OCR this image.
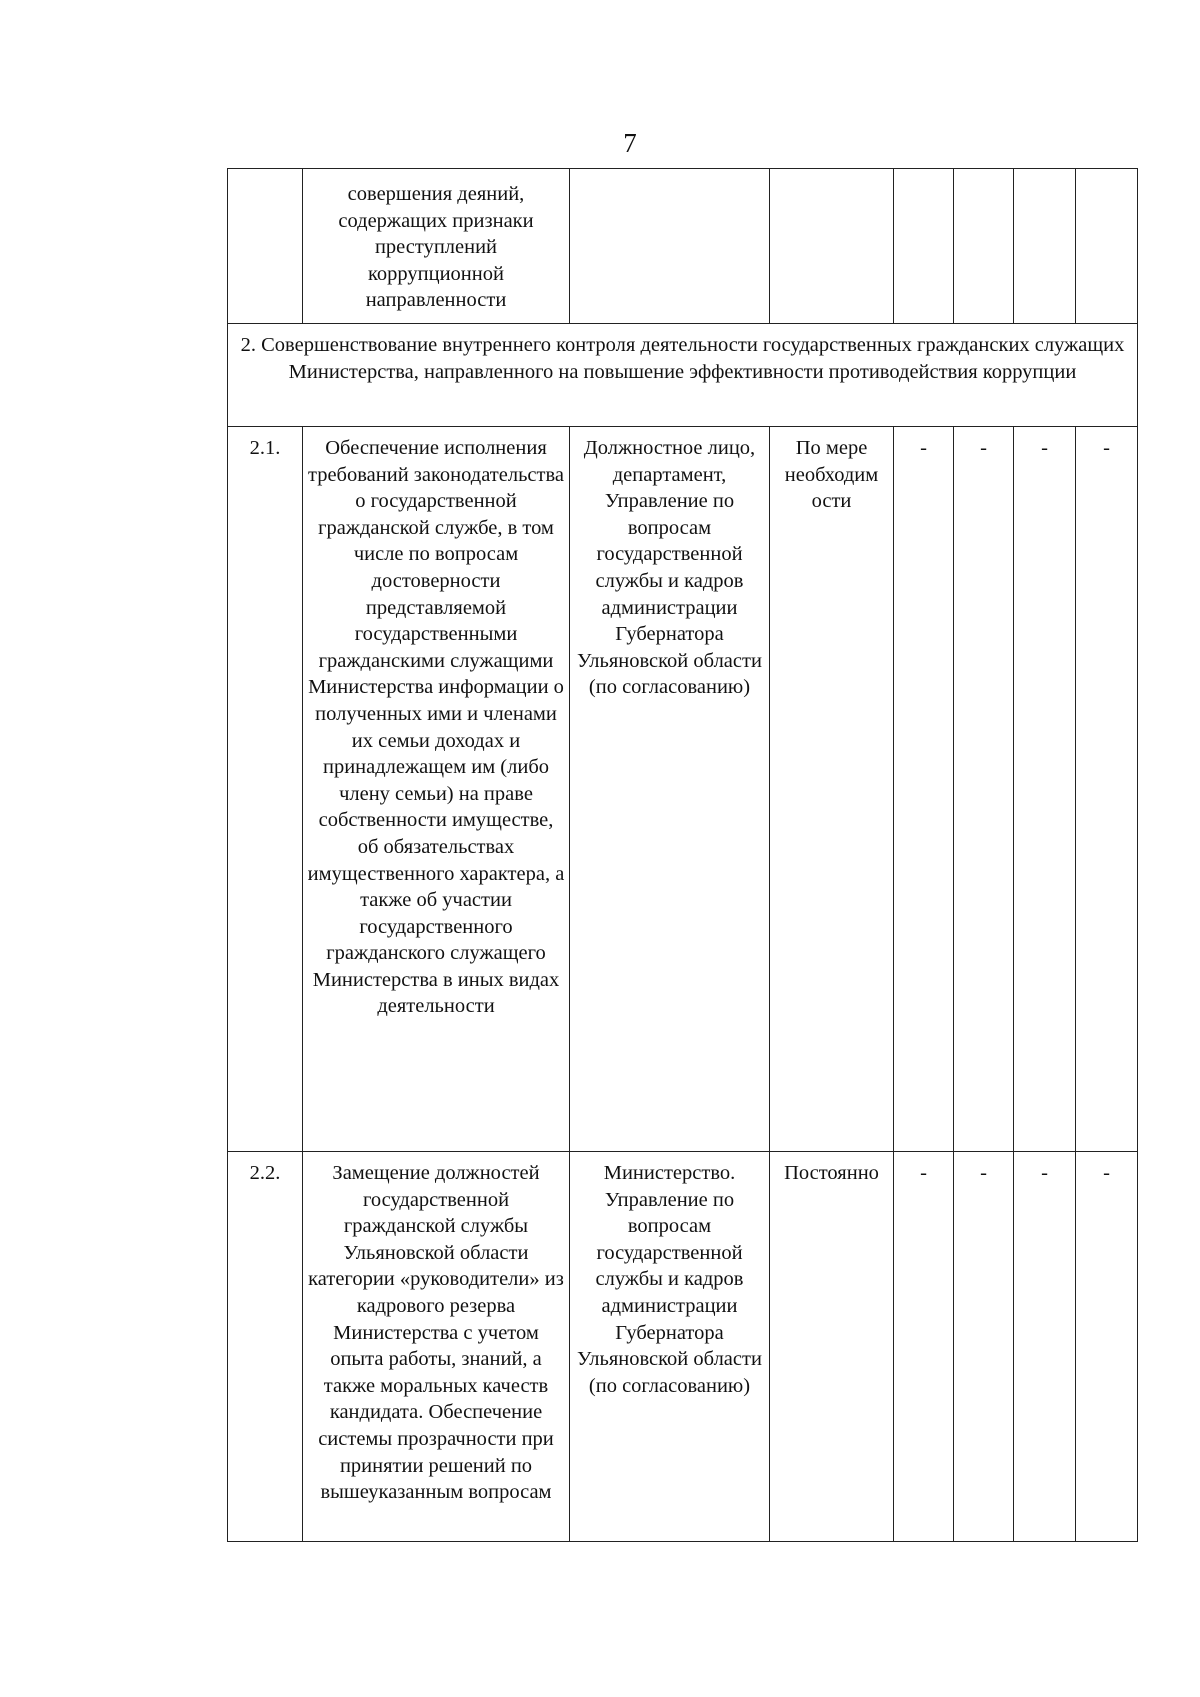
7
	совершения деяний, содержащих признаки преступлений коррупционной направленности						
2. Совершенствование внутреннего контроля деятельности государственных гражданских служащих Министерства, направленного на повышение эффективности противодействия коррупции							
2.1.	Обеспечение исполнения требований законодательства о государственной гражданской службе, в том числе по вопросам достоверности представляемой государственными гражданскими служащими Министерства информации о полученных ими и членами их семьи доходах и принадлежащем им (либо члену семьи) на праве собственности имуществе, об обязательствах имущественного характера, а также об участии государственного гражданского служащего Министерства в иных видах деятельности	Должностное лицо, департамент, Управление по вопросам государственной службы и кадров администрации Губернатора Ульяновской области (по согласованию)	По мере необходим ости	-	-	-	-
2.2.	Замещение должностей государственной гражданской службы Ульяновской области категории «руководители» из кадрового резерва Министерства с учетом опыта работы, знаний, а также моральных качеств кандидата. Обеспечение системы прозрачности при принятии решений по вышеуказанным вопросам	Министерство. Управление по вопросам государственной службы и кадров администрации Губернатора Ульяновской области (по согласованию)	Постоянно	-	-	-	-
